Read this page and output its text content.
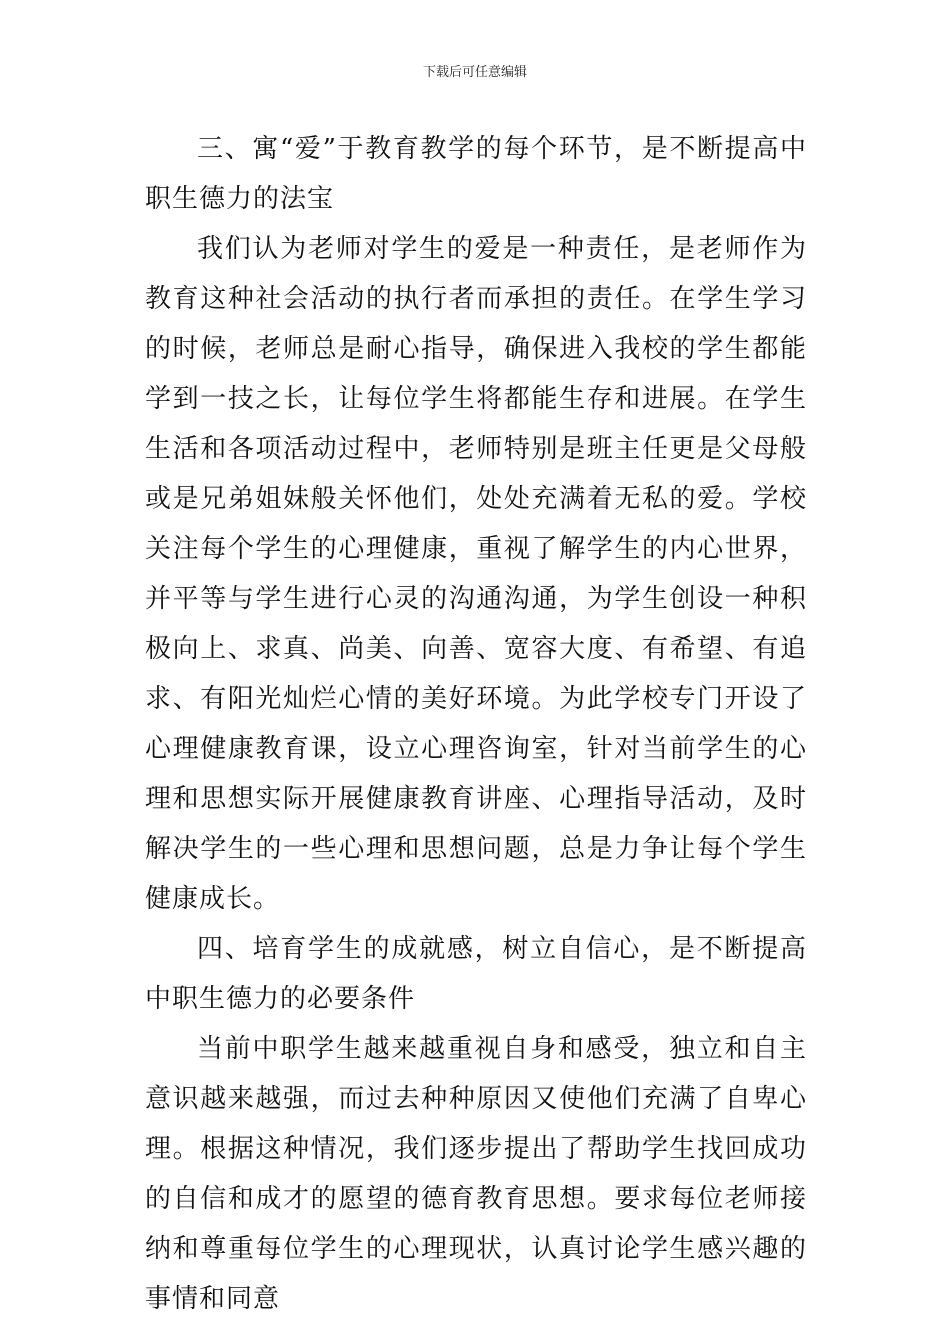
下载后可任意编辑

三、寓“爱”于教育教学的每个环节，是不断提高中职生德力的法宝

我们认为老师对学生的爱是一种责任，是老师作为教育这种社会活动的执行者而承担的责任。在学生学习的时候，老师总是耐心指导，确保进入我校的学生都能学到一技之长，让每位学生将都能生存和进展。在学生生活和各项活动过程中，老师特别是班主任更是父母般或是兄弟姐妹般关怀他们，处处充满着无私的爱。学校关注每个学生的心理健康，重视了解学生的内心世界，并平等与学生进行心灵的沟通沟通，为学生创设一种积极向上、求真、尚美、向善、宽容大度、有希望、有追求、有阳光灿烂心情的美好环境。为此学校专门开设了心理健康教育课，设立心理咨询室，针对当前学生的心理和思想实际开展健康教育讲座、心理指导活动，及时解决学生的一些心理和思想问题，总是力争让每个学生健康成长。

四、培育学生的成就感，树立自信心，是不断提高中职生德力的必要条件

当前中职学生越来越重视自身和感受，独立和自主意识越来越强，而过去种种原因又使他们充满了自卑心理。根据这种情况，我们逐步提出了帮助学生找回成功的自信和成才的愿望的德育教育思想。要求每位老师接纳和尊重每位学生的心理现状，认真讨论学生感兴趣的事情和同意
